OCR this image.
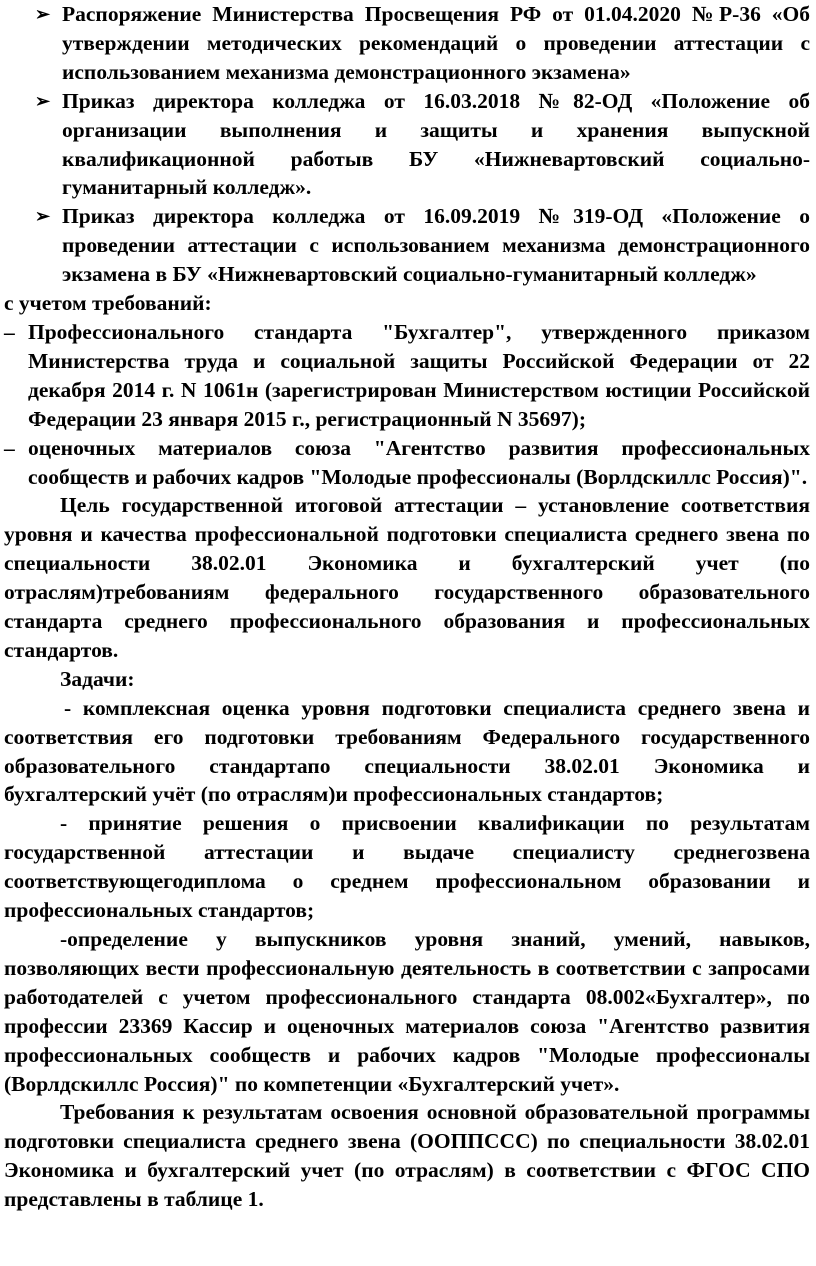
➢ Распоряжение Министерства Просвещения РФ от 01.04.2020 №Р-36 «Об утверждении методических рекомендаций о проведении аттестации с использованием механизма демонстрационного экзамена»
➢ Приказ директора колледжа от 16.03.2018 №82-ОД «Положение об организации выполнения и защиты и хранения выпускной квалификационной работыв БУ «Нижневартовский социально-гуманитарный колледж».
➢ Приказ директора колледжа от 16.09.2019 №319-ОД «Положение о проведении аттестации с использованием механизма демонстрационного экзамена в БУ «Нижневартовский социально-гуманитарный колледж»

с учетом требований:

– Профессионального стандарта "Бухгалтер", утвержденного приказом Министерства труда и социальной защиты Российской Федерации от 22 декабря 2014 г. N 1061н (зарегистрирован Министерством юстиции Российской Федерации 23 января 2015 г., регистрационный N 35697);
– оценочных материалов союза "Агентство развития профессиональных сообществ и рабочих кадров "Молодые профессионалы (Ворлдскиллс Россия)".

Цель государственной итоговой аттестации – установление соответствия уровня и качества профессиональной подготовки специалиста среднего звена по специальности 38.02.01 Экономика и бухгалтерский учет (по отраслям)требованиям федерального государственного образовательного стандарта среднего профессионального образования и профессиональных стандартов.

Задачи:

- комплексная оценка уровня подготовки специалиста среднего звена и соответствия его подготовки требованиям Федерального государственного образовательного стандартапо специальности 38.02.01 Экономика и бухгалтерский учёт (по отраслям)и профессиональных стандартов;

- принятие решения о присвоении квалификации по результатам государственной аттестации и выдаче специалисту среднегозвена соответствующегодиплома о среднем профессиональном образовании и профессиональных стандартов;

-определение у выпускников уровня знаний, умений, навыков, позволяющих вести профессиональную деятельность в соответствии с запросами работодателей с учетом профессионального стандарта 08.002«Бухгалтер», по профессии 23369 Кассир и оценочных материалов союза "Агентство развития профессиональных сообществ и рабочих кадров "Молодые профессионалы (Ворлдскиллс Россия)" по компетенции «Бухгалтерский учет».

Требования к результатам освоения основной образовательной программы подготовки специалиста среднего звена (ООППССС) по специальности 38.02.01 Экономика и бухгалтерский учет (по отраслям) в соответствии с ФГОС СПО представлены в таблице 1.
